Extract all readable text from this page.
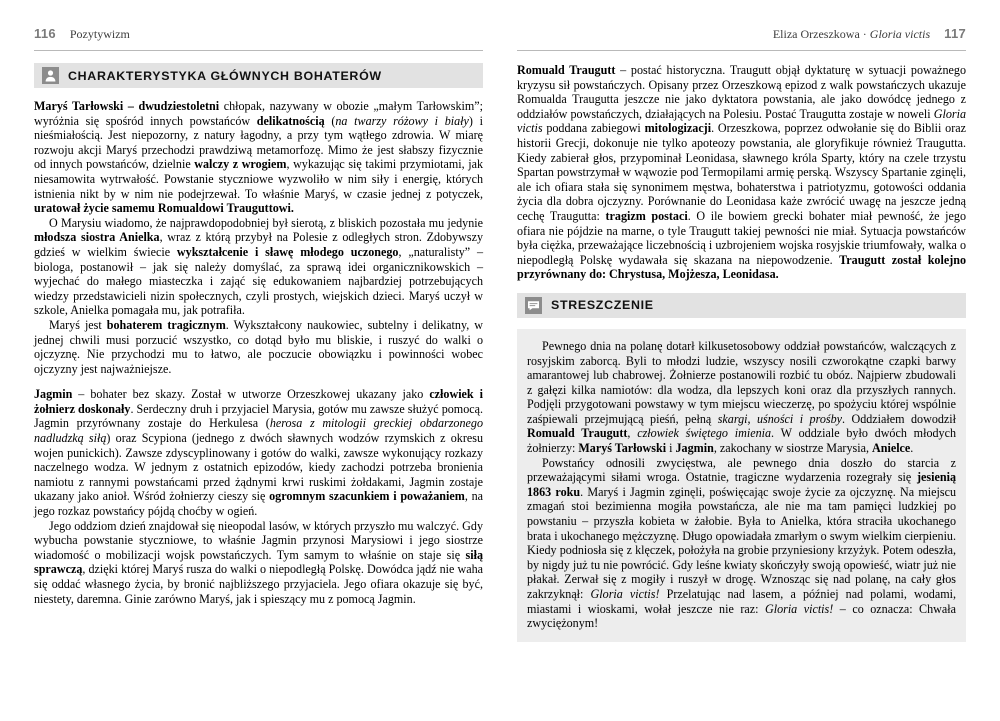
116 Pozytywizm	Eliza Orzeszkowa · Gloria victis 117
CHARAKTERYSTYKA GŁÓWNYCH BOHATERÓW

Maryś Tarłowski – dwudziestoletni chłopak, nazywany w obozie „małym Tarłowskim”; wyróżnia się spośród innych powstańców delikatnością (na twarzy różowy i biały) i nieśmiałością. Jest niepozorny, z natury łagodny, a przy tym wątłego zdrowia. W miarę rozwoju akcji Maryś przechodzi prawdziwą metamorfozę. Mimo że jest słabszy fizycznie od innych powstańców, dzielnie walczy z wrogiem, wykazując się takimi przymiotami, jak niesamowita wytrwałość. Powstanie styczniowe wyzwoliło w nim siły i energię, których istnienia nikt by w nim nie podejrzewał. To właśnie Maryś, w czasie jednej z potyczek, uratował życie samemu Romualdowi Trauguttowi.

O Marysiu wiadomo, że najprawdopodobniej był sierotą, z bliskich pozostała mu jedynie młodsza siostra Anielka, wraz z którą przybył na Polesie z odległych stron. Zdobywszy gdzieś w wielkim świecie wykształcenie i sławę młodego uczonego, „naturalisty” – biologa, postanowił – jak się należy domyślać, za sprawą idei organicznikowskich – wyjechać do małego miasteczka i zająć się edukowaniem najbardziej potrzebujących wiedzy przedstawicieli nizin społecznych, czyli prostych, wiejskich dzieci. Maryś uczył w szkole, Anielka pomagała mu, jak potrafiła.

Maryś jest bohaterem tragicznym. Wykształcony naukowiec, subtelny i delikatny, w jednej chwili musi porzucić wszystko, co dotąd było mu bliskie, i ruszyć do walki o ojczyznę. Nie przychodzi mu to łatwo, ale poczucie obowiązku i powinności wobec ojczyzny jest najważniejsze.

Jagmin – bohater bez skazy. Został w utworze Orzeszkowej ukazany jako człowiek i żołnierz doskonały. Serdeczny druh i przyjaciel Marysia, gotów mu zawsze służyć pomocą. Jagmin przyrównany zostaje do Herkulesa (herosa z mitologii greckiej obdarzonego nadludzką siłą) oraz Scypiona (jednego z dwóch sławnych wodzów rzymskich z okresu wojen punickich). Zawsze zdyscyplinowany i gotów do walki, zawsze wykonujący rozkazy naczelnego wodza. W jednym z ostatnich epizodów, kiedy zachodzi potrzeba bronienia namiotu z rannymi powstańcami przed żądnymi krwi ruskimi żołdakami, Jagmin zostaje ukazany jako anioł. Wśród żołnierzy cieszy się ogromnym szacunkiem i poważaniem, na jego rozkaz powstańcy pójdą choćby w ogień.

Jego oddziom dzień znajdował się nieopodal lasów, w których przyszło mu walczyć. Gdy wybucha powstanie styczniowe, to właśnie Jagmin przynosi Marysiowi i jego siostrze wiadomość o mobilizacji wojsk powstańczych. Tym samym to właśnie on staje się siłą sprawczą, dzięki której Maryś rusza do walki o niepodległą Polskę. Dowódca jądź nie waha się oddać własnego życia, by bronić najbliższego przyjaciela. Jego ofiara okazuje się być, niestety, daremna. Ginie zarówno Maryś, jak i spieszący mu z pomocą Jagmin.

Romuald Traugutt – postać historyczna. Traugutt objął dyktaturę w sytuacji poważnego kryzysu sił powstańczych. Opisany przez Orzeszkową epizod z walk powstańczych ukazuje Romualda Traugutta jeszcze nie jako dyktatora powstania, ale jako dowódcę jednego z oddziałów powstańczych, działających na Polesiu. Postać Traugutta zostaje w noweli Gloria victis poddana zabiegowi mitologizacji. Orzeszkowa, poprzez odwołanie się do Biblii oraz historii Grecji, dokonuje nie tylko apoteozy powstania, ale gloryfikuje również Traugutta. Kiedy zabierał głos, przypominał Leonidasa, sławnego króla Sparty, który na czele trzystu Spartan powstrzymał w wąwozie pod Termopilami armię perską. Wszyscy Spartanie zginęli, ale ich ofiara stała się synonimem męstwa, bohaterstwa i patriotyzmu, gotowości oddania życia dla dobra ojczyzny. Porównanie do Leonidasa każe zwrócić uwagę na jeszcze jedną cechę Traugutta: tragizm postaci. O ile bowiem grecki bohater miał pewność, że jego ofiara nie pójdzie na marne, o tyle Traugutt takiej pewności nie miał. Sytuacja powstańców była ciężka, przeważające liczebnością i uzbrojeniem wojska rosyjskie triumfowały, walka o niepodległą Polskę wydawała się skazana na niepowodzenie. Traugutt został kolejno przyrównany do: Chrystusa, Mojżesza, Leonidasa.

STRESZCZENIE

Pewnego dnia na polanę dotarł kilkusetosobowy oddział powstańców, walczących z rosyjskim zaborcą. Byli to młodzi ludzie, wszyscy nosili czworokątne czapki barwy amarantowej lub chabrowej. Żołnierze postanowili rozbić tu obóz. Najpierw zbudowali z gałęzi kilka namiotów: dla wodza, dla lepszych koni oraz dla przyszłych rannych. Podjęli przygotowani powstawy w tym miejscu wieczerzę, po spożyciu której wspólnie zaśpiewali przejmującą pieśń, pełną skargi, uśności i prośby. Oddziałem dowodził Romuald Traugutt, człowiek świętego imienia. W oddziale było dwóch młodych żołnierzy: Maryś Tarłowski i Jagmin, zakochany w siostrze Marysia, Anielce.

Powstańcy odnosili zwycięstwa, ale pewnego dnia doszło do starcia z przeważającymi siłami wroga. Ostatnie, tragiczne wydarzenia rozegrały się jesienią 1863 roku. Maryś i Jagmin zginęli, poświęcając swoje życie za ojczyznę. Na miejscu zmagań stoi bezimienna mogiła powstańcza, ale nie ma tam pamięci ludzkiej po powstaniu – przyszła kobieta w żałobie. Była to Anielka, która straciła ukochanego brata i ukochanego mężczyznę. Długo opowiadała zmarłym o swym wielkim cierpieniu. Kiedy podniosła się z klęczek, położyła na grobie przyniesiony krzyżyk. Potem odeszła, by nigdy już tu nie powrócić. Gdy leśne kwiaty skończyły swoją opowieść, wiatr już nie płakał. Zerwał się z mogiły i ruszył w drogę. Wznosząc się nad polanę, na cały głos zakrzyknął: Gloria victis! Przelatując nad lasem, a później nad polami, wodami, miastami i wioskami, wołał jeszcze nie raz: Gloria victis! – co oznacza: Chwała zwyciężonym!
